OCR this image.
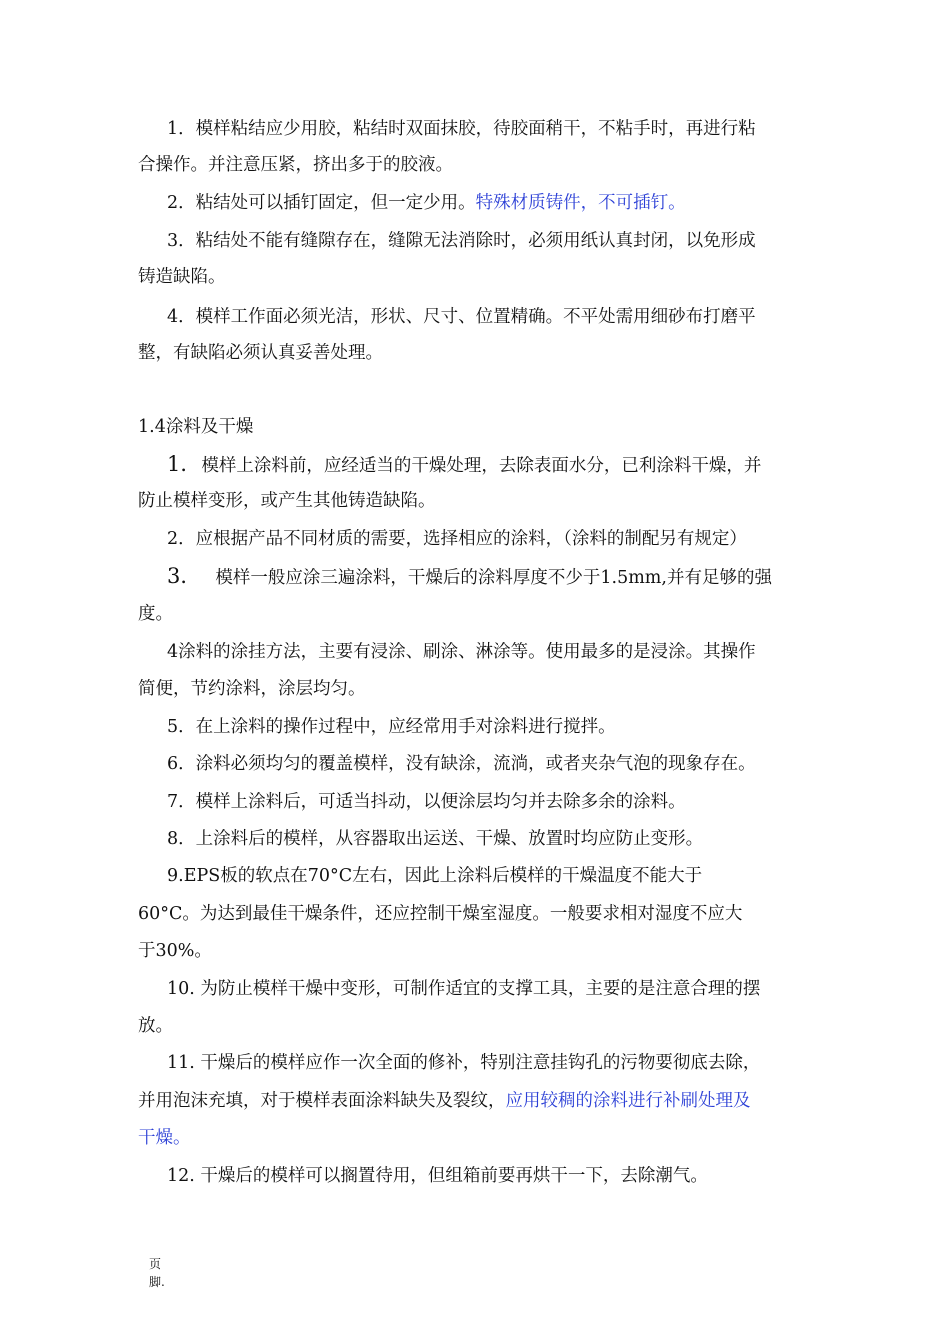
1．模样粘结应少用胶，粘结时双面抹胶，待胶面稍干，不粘手时，再进行粘
合操作。并注意压紧，挤出多于的胶液。
2．粘结处可以插钉固定，但一定少用。特殊材质铸件，不可插钉。
3．粘结处不能有缝隙存在，缝隙无法消除时，必须用纸认真封闭，以免形成
铸造缺陷。
4．模样工作面必须光洁，形状、尺寸、位置精确。不平处需用细砂布打磨平
整，有缺陷必须认真妥善处理。
1.4涂料及干燥
1．模样上涂料前，应经适当的干燥处理，去除表面水分，已利涂料干燥，并
防止模样变形，或产生其他铸造缺陷。
2．应根据产品不同材质的需要，选择相应的涂料，（涂料的制配另有规定）
3． 模样一般应涂三遍涂料，干燥后的涂料厚度不少于1.5mm,并有足够的强
度。
4涂料的涂挂方法，主要有浸涂、刷涂、淋涂等。使用最多的是浸涂。其操作
简便，节约涂料，涂层均匀。
5．在上涂料的操作过程中，应经常用手对涂料进行搅拌。
6．涂料必须均匀的覆盖模样，没有缺涂，流淌，或者夹杂气泡的现象存在。
7．模样上涂料后，可适当抖动，以便涂层均匀并去除多余的涂料。
8．上涂料后的模样，从容器取出运送、干燥、放置时均应防止变形。
9.EPS板的软点在70°C左右，因此上涂料后模样的干燥温度不能大于
60°C。为达到最佳干燥条件，还应控制干燥室湿度。一般要求相对湿度不应大
于30%。
10. 为防止模样干燥中变形，可制作适宜的支撑工具，主要的是注意合理的摆
放。
11. 干燥后的模样应作一次全面的修补，特别注意挂钩孔的污物要彻底去除，
并用泡沫充填，对于模样表面涂料缺失及裂纹，应用较稠的涂料进行补刷处理及
干燥。
12. 干燥后的模样可以搁置待用，但组箱前要再烘干一下，去除潮气。
页
脚.
